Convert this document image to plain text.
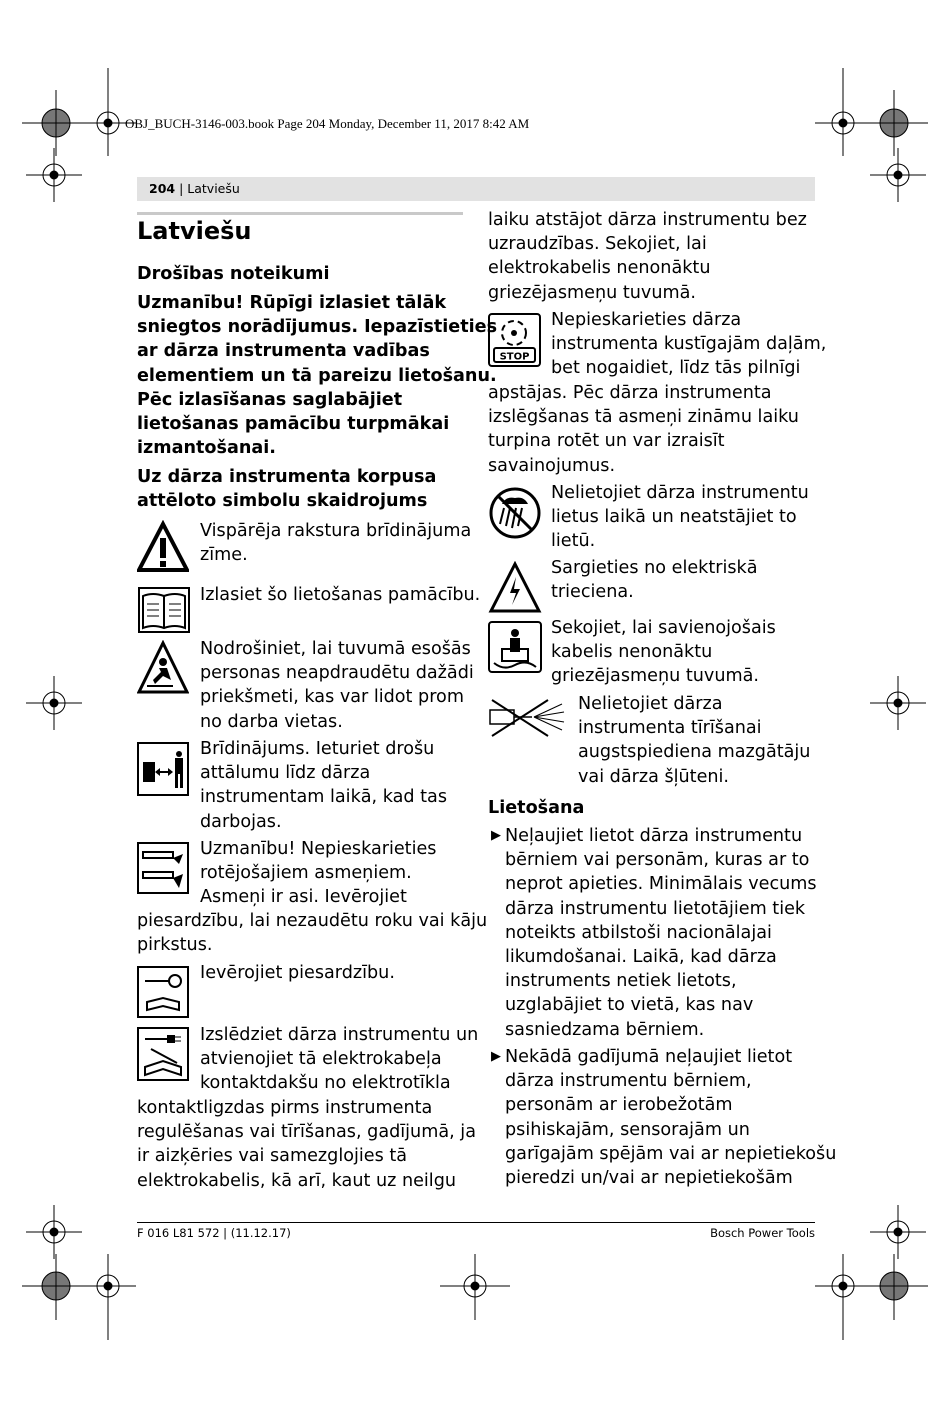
OBJ_BUCH-3146-003.book Page 204 Monday, December 11, 2017 8:42 AM
204 | Latviešu
Latviešu
Drošības noteikumi
Uzmanību! Rūpīgi izlasiet tālāk
sniegtos norādījumus. Iepazīstieties
ar dārza instrumenta vadības
elementiem un tā pareizu lietošanu.
Pēc izlasīšanas saglabājiet
lietošanas pamācību turpmākai
izmantošanai.
Uz dārza instrumenta korpusa
attēloto simbolu skaidrojums
Vispārēja rakstura brīdinājuma
zīme.
Izlasiet šo lietošanas pamācību.
Nodrošiniet, lai tuvumā esošās
personas neapdraudētu dažādi
priekšmeti, kas var lidot prom
no darba vietas.
Brīdinājums. Ieturiet drošu
attālumu līdz dārza
instrumentam laikā, kad tas
darbojas.
Uzmanību! Nepieskarieties
rotējošajiem asmeņiem.
Asmeņi ir asi. Ievērojiet
piesardzību, lai nezaudētu roku vai kāju
pirkstus.
Ievērojiet piesardzību.
Izslēdziet dārza instrumentu un
atvienojiet tā elektrokabeļa
kontaktdakšu no elektrotīkla
kontaktligzdas pirms instrumenta
regulēšanas vai tīrīšanas, gadījumā, ja
ir aizķēries vai samezglojies tā
elektrokabelis, kā arī, kaut uz neilgu
laiku atstājot dārza instrumentu bez
uzraudzības. Sekojiet, lai
elektrokabelis nenonāktu
griezējasmeņu tuvumā.
STOP
Nepieskarieties dārza
instrumenta kustīgajām daļām,
bet nogaidiet, līdz tās pilnīgi
apstājas. Pēc dārza instrumenta
izslēgšanas tā asmeņi zināmu laiku
turpina rotēt un var izraisīt
savainojumus.
Nelietojiet dārza instrumentu
lietus laikā un neatstājiet to
lietū.
Sargieties no elektriskā
trieciena.
Sekojiet, lai savienojošais
kabelis nenonāktu
griezējasmeņu tuvumā.
Nelietojiet dārza
instrumenta tīrīšanai
augstspiediena mazgātāju
vai dārza šļūteni.
Lietošana
▶ Neļaujiet lietot dārza instrumentu
bērniem vai personām, kuras ar to
neprot apieties. Minimālais vecums
dārza instrumentu lietotājiem tiek
noteikts atbilstoši nacionālajai
likumdošanai. Laikā, kad dārza
instruments netiek lietots,
uzglabājiet to vietā, kas nav
sasniedzama bērniem.
▶ Nekādā gadījumā neļaujiet lietot
dārza instrumentu bērniem,
personām ar ierobežotām
psihiskajām, sensorajām un
garīgajām spējām vai ar nepietiekošu
pieredzi un/vai ar nepietiekošām
F 016 L81 572 | (11.12.17)	Bosch Power Tools
